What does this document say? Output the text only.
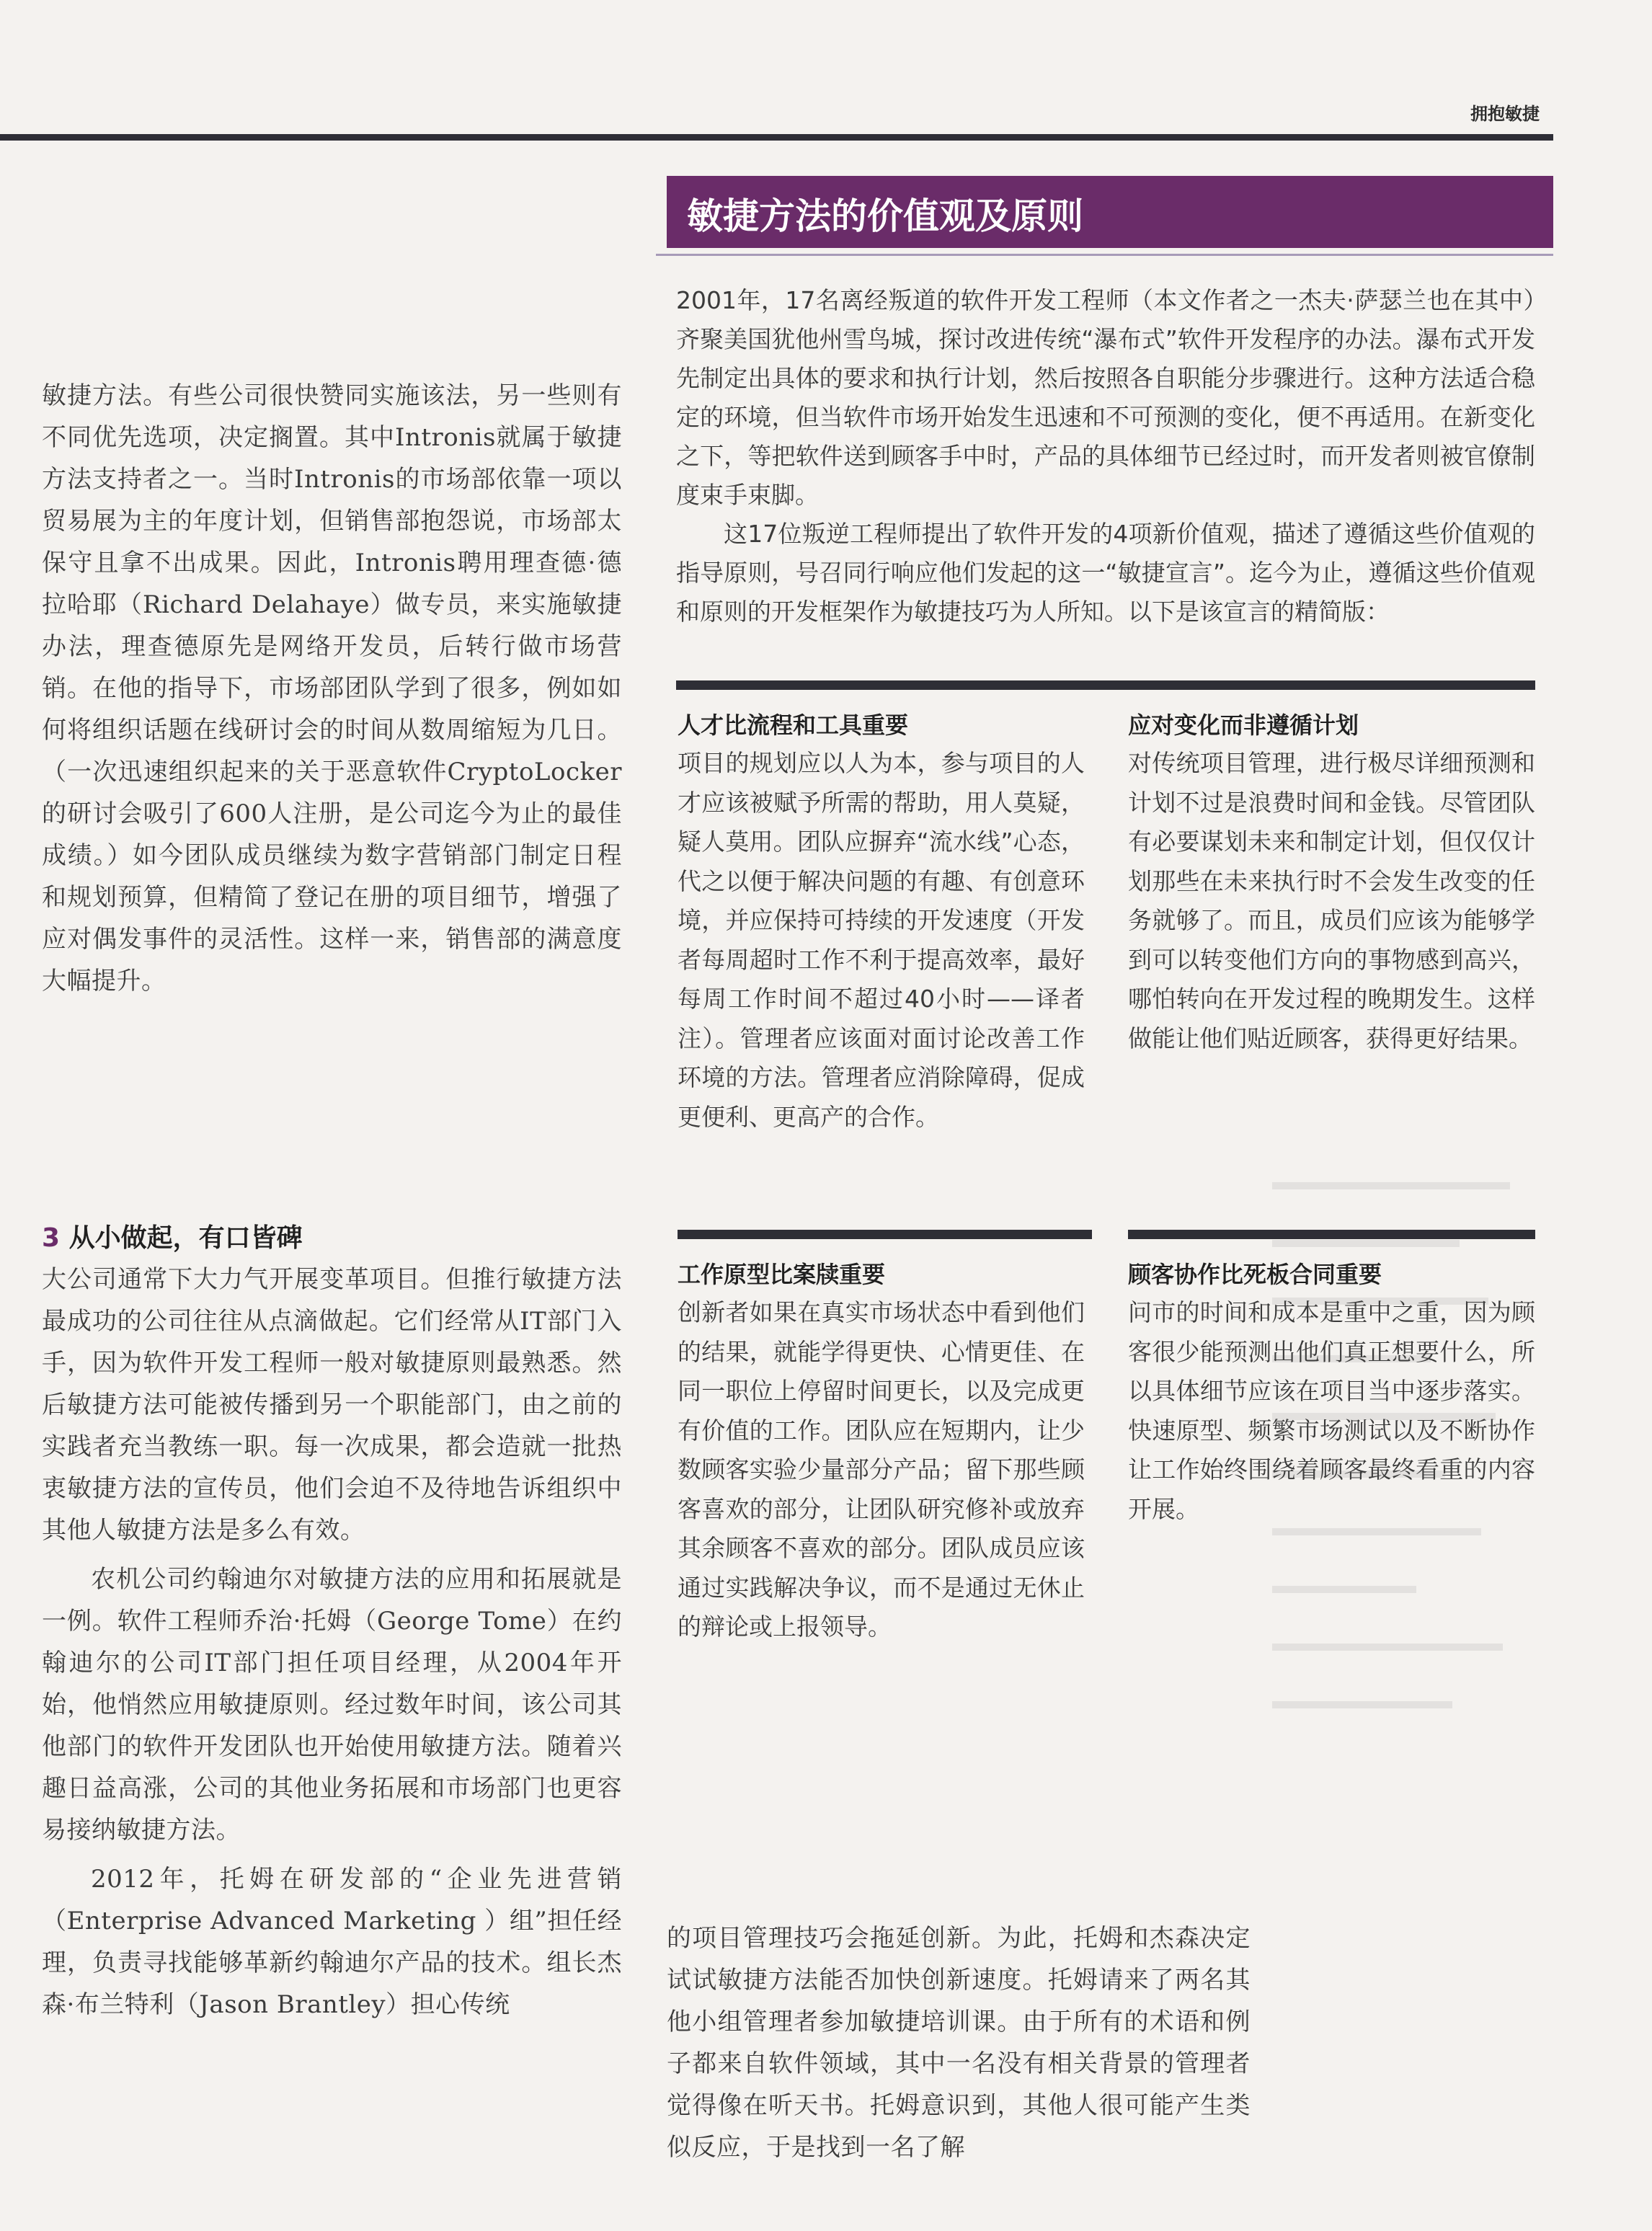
拥抱敏捷
敏捷方法的价值观及原则

敏捷方法。有些公司很快赞同实施该法，另一些则有不同优先选项，决定搁置。其中Intronis就属于敏捷方法支持者之一。当时Intronis的市场部依靠一项以贸易展为主的年度计划，但销售部抱怨说，市场部太保守且拿不出成果。因此，Intronis聘用理查德·德拉哈耶（Richard Delahaye）做专员，来实施敏捷办法，理查德原先是网络开发员，后转行做市场营销。在他的指导下，市场部团队学到了很多，例如如何将组织话题在线研讨会的时间从数周缩短为几日。（一次迅速组织起来的关于恶意软件CryptoLocker的研讨会吸引了600人注册，是公司迄今为止的最佳成绩。）如今团队成员继续为数字营销部门制定日程和规划预算，但精简了登记在册的项目细节，增强了应对偶发事件的灵活性。这样一来，销售部的满意度大幅提升。

3 从小做起，有口皆碑

大公司通常下大力气开展变革项目。但推行敏捷方法最成功的公司往往从点滴做起。它们经常从IT部门入手，因为软件开发工程师一般对敏捷原则最熟悉。然后敏捷方法可能被传播到另一个职能部门，由之前的实践者充当教练一职。每一次成果，都会造就一批热衷敏捷方法的宣传员，他们会迫不及待地告诉组织中其他人敏捷方法是多么有效。

农机公司约翰迪尔对敏捷方法的应用和拓展就是一例。软件工程师乔治·托姆（George Tome）在约翰迪尔的公司IT部门担任项目经理，从2004年开始，他悄然应用敏捷原则。经过数年时间，该公司其他部门的软件开发团队也开始使用敏捷方法。随着兴趣日益高涨，公司的其他业务拓展和市场部门也更容易接纳敏捷方法。

2012年，托姆在研发部的“企业先进营销（Enterprise Advanced Marketing ）组”担任经理，负责寻找能够革新约翰迪尔产品的技术。组长杰森·布兰特利（Jason Brantley）担心传统

2001年，17名离经叛道的软件开发工程师（本文作者之一杰夫·萨瑟兰也在其中）齐聚美国犹他州雪鸟城，探讨改进传统“瀑布式”软件开发程序的办法。瀑布式开发先制定出具体的要求和执行计划，然后按照各自职能分步骤进行。这种方法适合稳定的环境，但当软件市场开始发生迅速和不可预测的变化，便不再适用。在新变化之下，等把软件送到顾客手中时，产品的具体细节已经过时，而开发者则被官僚制度束手束脚。

这17位叛逆工程师提出了软件开发的4项新价值观，描述了遵循这些价值观的指导原则，号召同行响应他们发起的这一“敏捷宣言”。迄今为止，遵循这些价值观和原则的开发框架作为敏捷技巧为人所知。以下是该宣言的精简版：

人才比流程和工具重要

项目的规划应以人为本，参与项目的人才应该被赋予所需的帮助，用人莫疑，疑人莫用。团队应摒弃“流水线”心态，代之以便于解决问题的有趣、有创意环境，并应保持可持续的开发速度（开发者每周超时工作不利于提高效率，最好每周工作时间不超过40小时——译者注）。管理者应该面对面讨论改善工作环境的方法。管理者应消除障碍，促成更便利、更高产的合作。

应对变化而非遵循计划

对传统项目管理，进行极尽详细预测和计划不过是浪费时间和金钱。尽管团队有必要谋划未来和制定计划，但仅仅计划那些在未来执行时不会发生改变的任务就够了。而且，成员们应该为能够学到可以转变他们方向的事物感到高兴，哪怕转向在开发过程的晚期发生。这样做能让他们贴近顾客，获得更好结果。

工作原型比案牍重要

创新者如果在真实市场状态中看到他们的结果，就能学得更快、心情更佳、在同一职位上停留时间更长，以及完成更有价值的工作。团队应在短期内，让少数顾客实验少量部分产品；留下那些顾客喜欢的部分，让团队研究修补或放弃其余顾客不喜欢的部分。团队成员应该通过实践解决争议，而不是通过无休止的辩论或上报领导。

顾客协作比死板合同重要

问市的时间和成本是重中之重，因为顾客很少能预测出他们真正想要什么，所以具体细节应该在项目当中逐步落实。快速原型、频繁市场测试以及不断协作让工作始终围绕着顾客最终看重的内容开展。

的项目管理技巧会拖延创新。为此，托姆和杰森决定试试敏捷方法能否加快创新速度。托姆请来了两名其他小组管理者参加敏捷培训课。由于所有的术语和例子都来自软件领域，其中一名没有相关背景的管理者觉得像在听天书。托姆意识到，其他人很可能产生类似反应，于是找到一名了解
